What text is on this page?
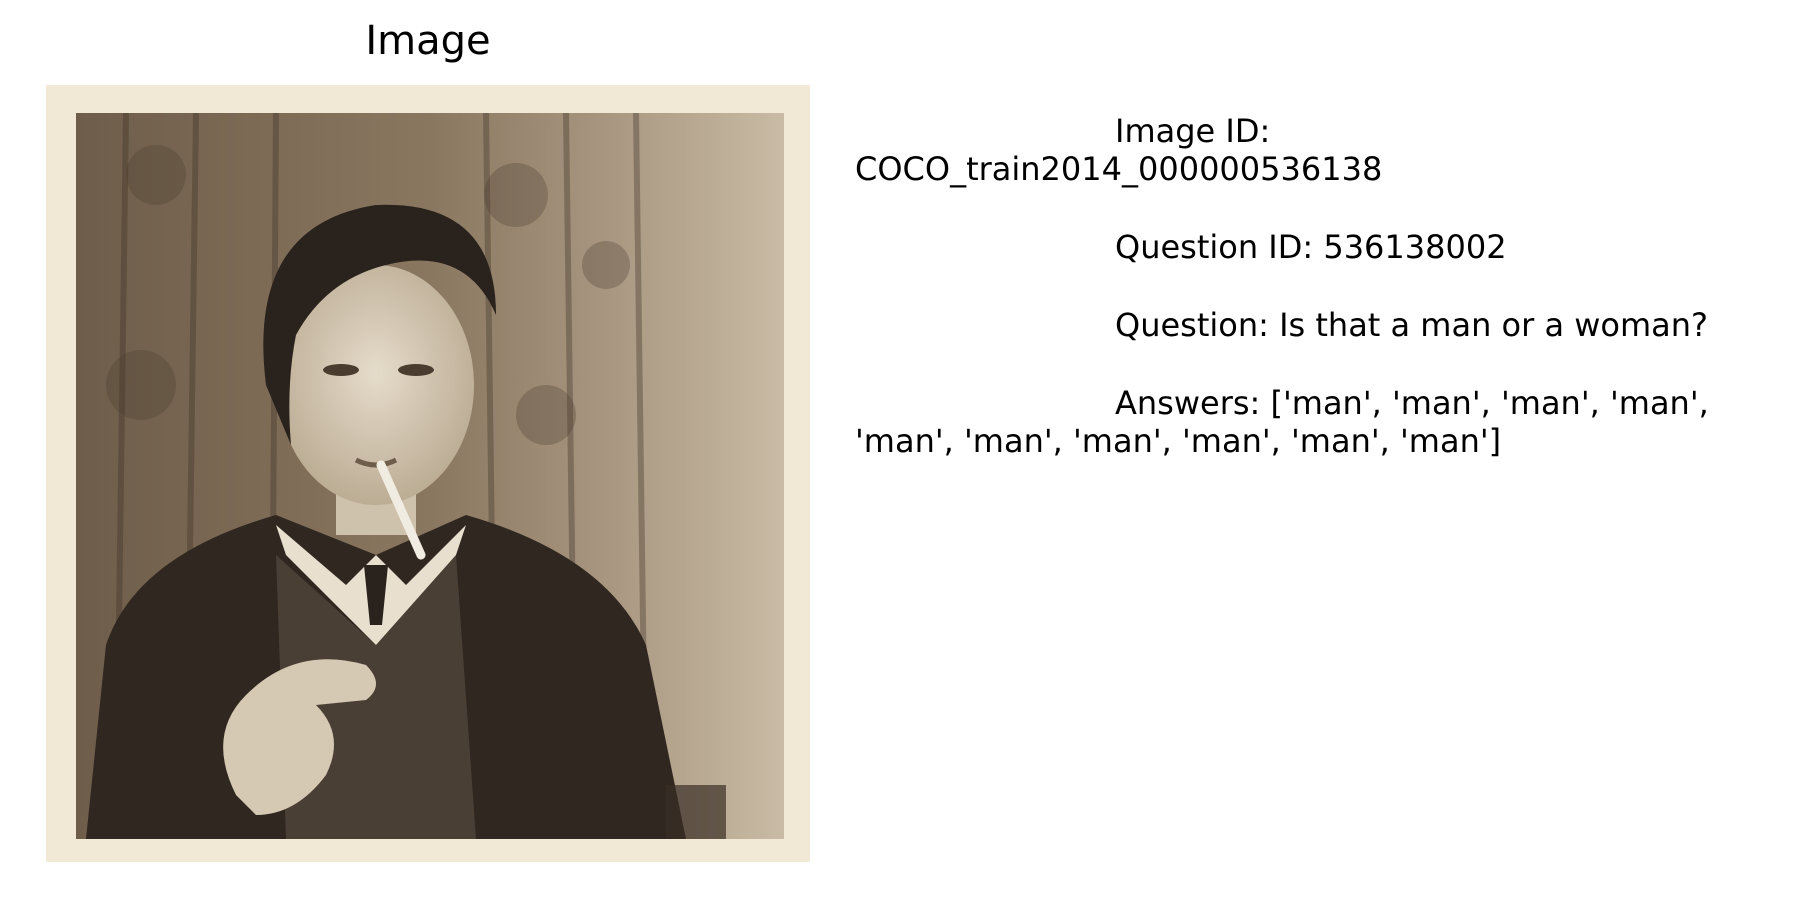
Image
Image ID:
COCO_train2014_000000536138
Question ID: 536138002
Question: Is that a man or a woman?
Answers: ['man', 'man', 'man', 'man',
'man', 'man', 'man', 'man', 'man', 'man']
